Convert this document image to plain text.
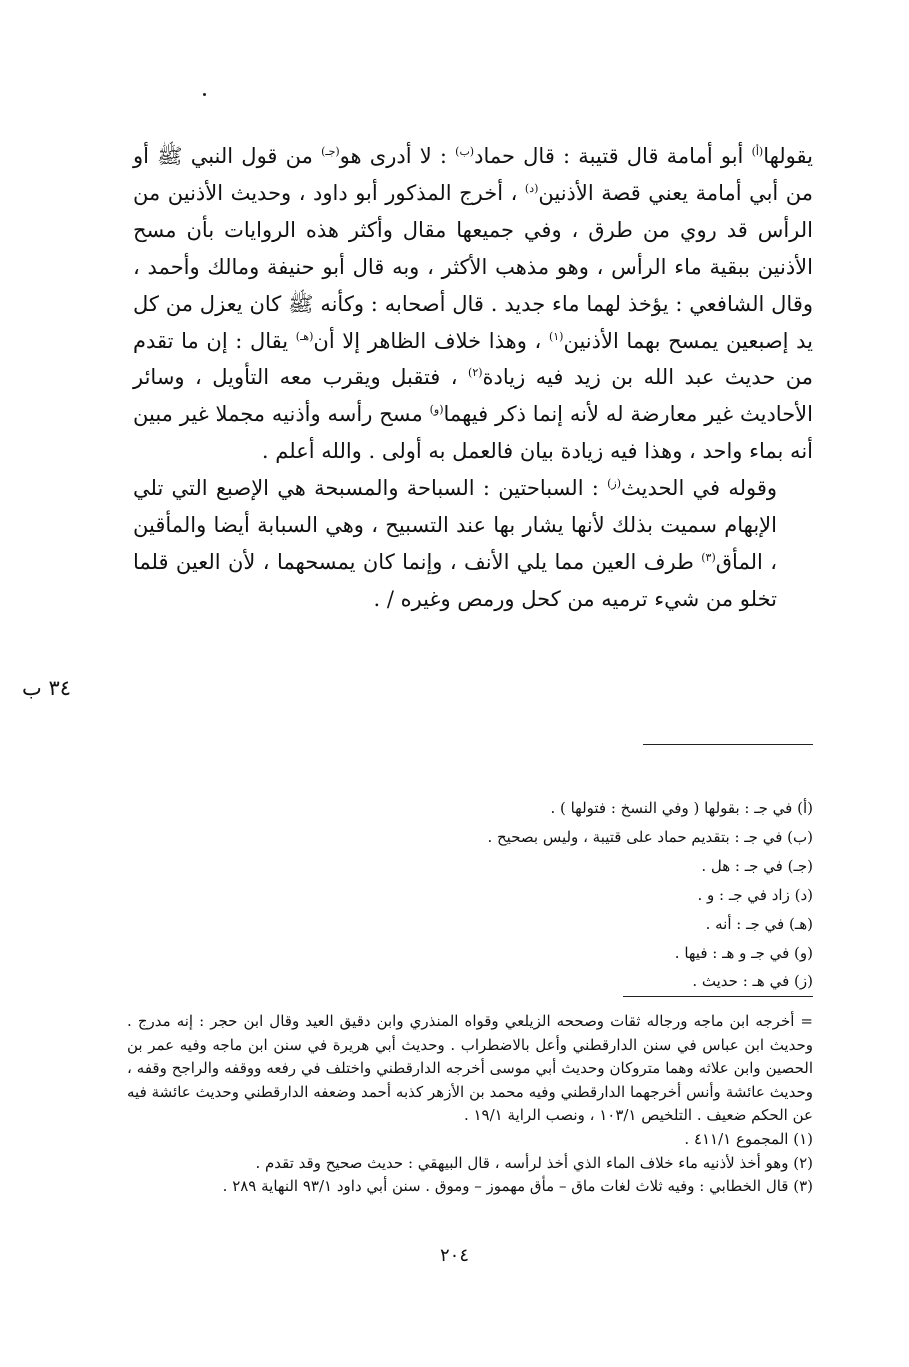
يقولها$^{(أ)}$ أبو أمامة قال قتيبة : قال حماد$^{(ب)}$ : لا أدرى هو$^{(جـ)}$ من قول النبي ﷺ أو من أبي أمامة يعني قصة الأذنين$^{(د)}$ ، أخرج المذكور أبو داود ، وحديث الأذنين من الرأس قد روي من طرق ، وفي جميعها مقال وأكثر هذه الروايات بأن مسح الأذنين ببقية ماء الرأس ، وهو مذهب الأكثر ، وبه قال أبو حنيفة ومالك وأحمد ، وقال الشافعي : يؤخذ لهما ماء جديد . قال أصحابه : وكأنه ﷺ كان يعزل من كل يد إصبعين يمسح بهما الأذنين$^{(١)}$ ، وهذا خلاف الظاهر إلا أن$^{(هـ)}$ يقال : إن ما تقدم من حديث عبد الله بن زيد فيه زيادة$^{(٢)}$ ، فتقبل ويقرب معه التأويل ، وسائر الأحاديث غير معارضة له لأنه إنما ذكر فيهما$^{(و)}$ مسح رأسه وأذنيه مجملا غير مبين أنه بماء واحد ، وهذا فيه زيادة بيان فالعمل به أولى . والله أعلم .

وقوله في الحديث$^{(ز)}$ : السباحتين : السباحة والمسبحة هي الإصبع التي تلي الإبهام سميت بذلك لأنها يشار بها عند التسبيح ، وهي السبابة أيضا والمأقين ، المأق$^{(٣)}$ طرف العين مما يلي الأنف ، وإنما كان يمسحهما ، لأن العين قلما تخلو من شيء ترميه من كحل ورمص وغيره / .

٣٤ ب
(أ) في جـ : بقولها ( وفي النسخ : فتولها ) .
(ب) في جـ : بتقديم حماد على قتيبة ، وليس بصحيح .
(جـ) في جـ : هل .
(د) زاد في جـ : و .
(هـ) في جـ : أنه .
(و) في جـ و هـ : فيها .
(ز) في هـ : حديث .

= أخرجه ابن ماجه ورجاله ثقات وصححه الزيلعي وقواه المنذري وابن دقيق العيد وقال ابن حجر : إنه مدرج . وحديث ابن عباس في سنن الدارقطني وأعل بالاضطراب . وحديث أبي هريرة في سنن ابن ماجه وفيه عمر بن الحصين وابن علاثه وهما متروكان وحديث أبي موسى أخرجه الدارقطني واختلف في رفعه ووقفه والراجح وقفه ، وحديث عائشة وأنس أخرجهما الدارقطني وفيه محمد بن الأزهر كذبه أحمد وضعفه الدارقطني وحديث عائشة فيه عن الحكم ضعيف . التلخيص ١٠٣/١ ، ونصب الراية ١٩/١ .

(١) المجموع ٤١١/١ .

(٢) وهو أخذ لأذنيه ماء خلاف الماء الذي أخذ لرأسه ، قال البيهقي : حديث صحيح وقد تقدم .

(٣) قال الخطابي : وفيه ثلاث لغات ماق – مأق مهموز – وموق . سنن أبي داود ٩٣/١ النهاية ٢٨٩ .

٢٠٤
